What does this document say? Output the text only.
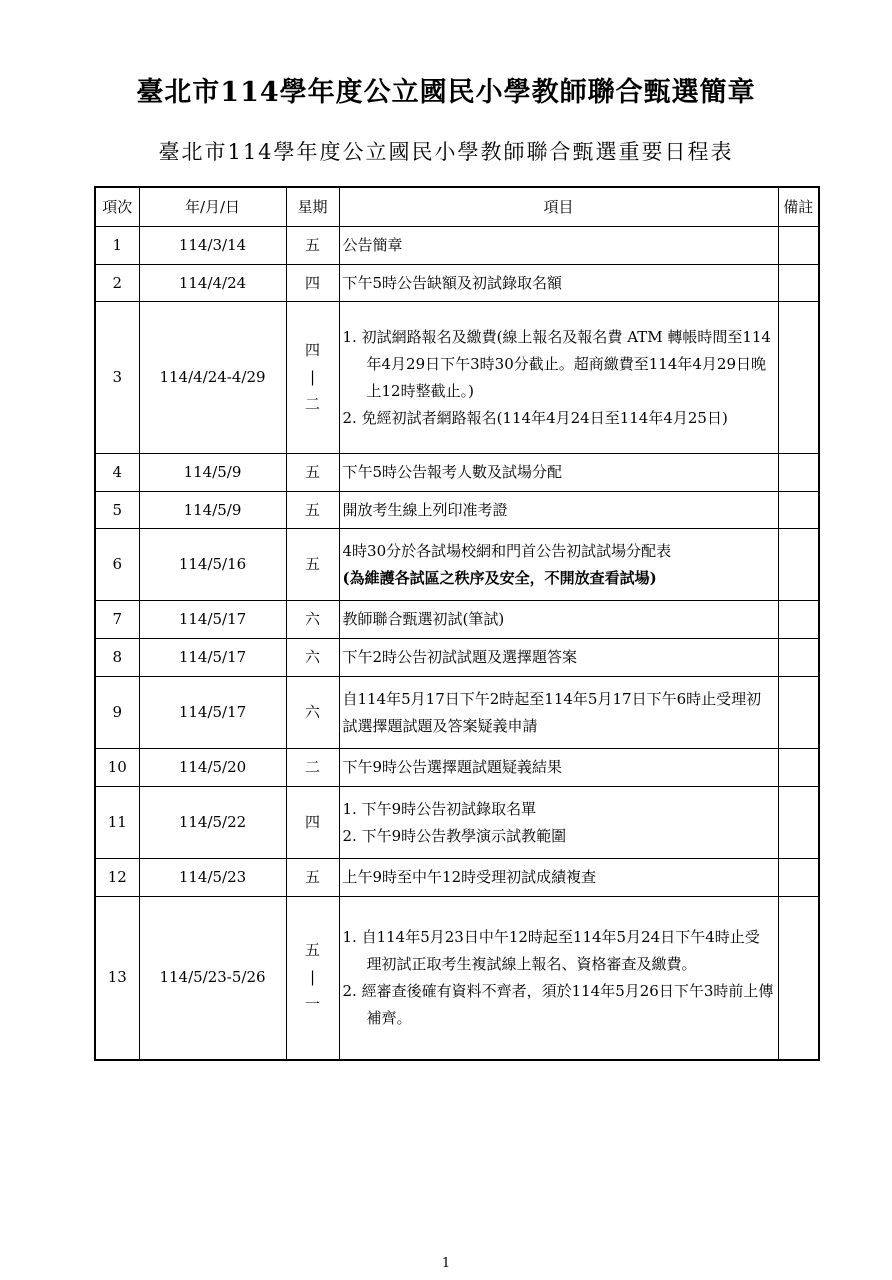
臺北市114學年度公立國民小學教師聯合甄選簡章
臺北市114學年度公立國民小學教師聯合甄選重要日程表
項次	年/月/日	星期	項目	備註
1	114/3/14	五	公告簡章	

2	114/4/24	四	下午5時公告缺額及初試錄取名額	

3	114/4/24-4/29	四
|
二	1. 初試網路報名及繳費(線上報名及報名費 ATM 轉帳時間至114年4月29日下午3時30分截止。超商繳費至114年4月29日晚上12時整截止。)
2. 免經初試者網路報名(114年4月24日至114年4月25日)	

4	114/5/9	五	下午5時公告報考人數及試場分配	

5	114/5/9	五	開放考生線上列印准考證	

6	114/5/16	五	4時30分於各試場校網和門首公告初試試場分配表
(為維護各試區之秩序及安全，不開放查看試場)	

7	114/5/17	六	教師聯合甄選初試(筆試)	

8	114/5/17	六	下午2時公告初試試題及選擇題答案	

9	114/5/17	六	自114年5月17日下午2時起至114年5月17日下午6時止受理初試選擇題試題及答案疑義申請	

10	114/5/20	二	下午9時公告選擇題試題疑義結果	

11	114/5/22	四	1. 下午9時公告初試錄取名單
2. 下午9時公告教學演示試教範圍	

12	114/5/23	五	上午9時至中午12時受理初試成績複查	

13	114/5/23-5/26	五
|
一	1. 自114年5月23日中午12時起至114年5月24日下午4時止受理初試正取考生複試線上報名、資格審查及繳費。
2. 經審查後確有資料不齊者，須於114年5月26日下午3時前上傳補齊。	

1
